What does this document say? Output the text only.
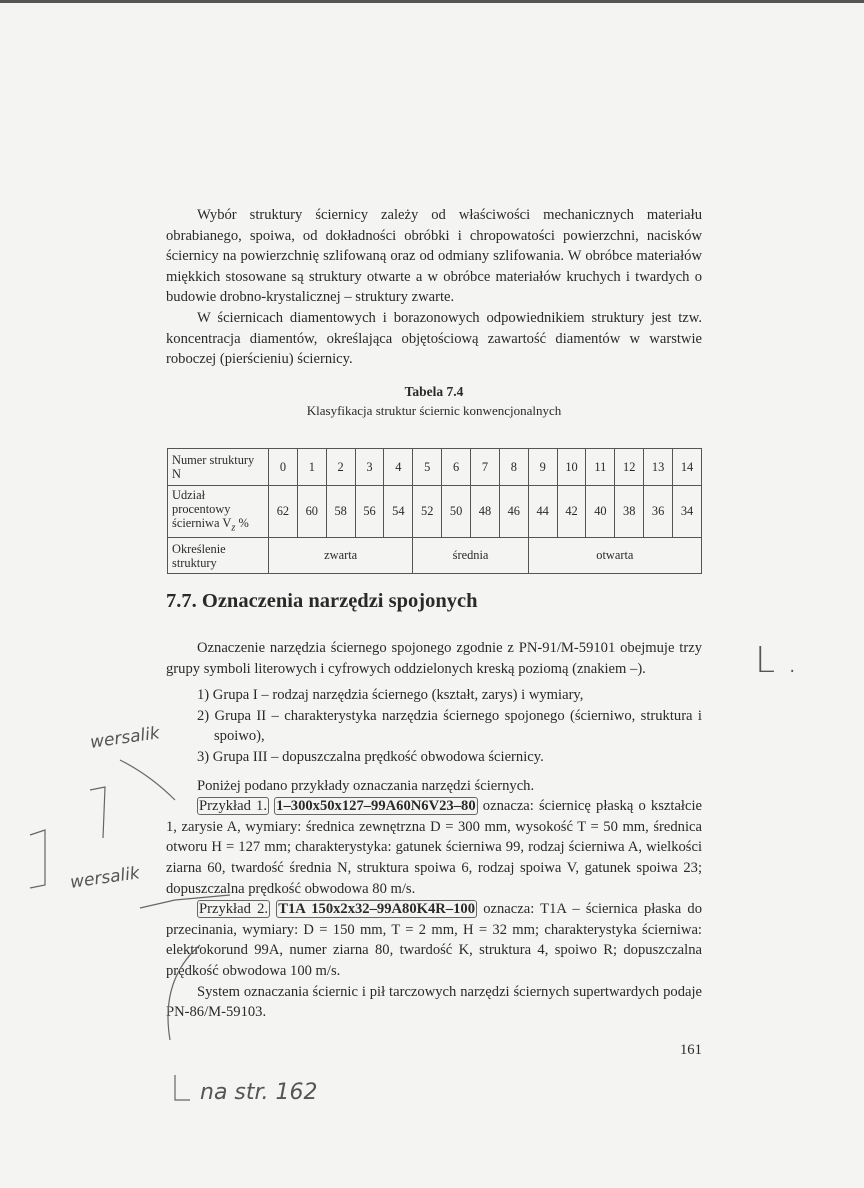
Wybór struktury ściernicy zależy od właściwości mechanicznych materiału obrabianego, spoiwa, od dokładności obróbki i chropowatości powierzchni, nacisków ściernicy na powierzchnię szlifowaną oraz od odmiany szlifowania. W obróbce materiałów miękkich stosowane są struktury otwarte a w obróbce materiałów kruchych i twardych o budowie drobno-krystalicznej – struktury zwarte.

W ściernicach diamentowych i borazonowych odpowiednikiem struktury jest tzw. koncentracja diamentów, określająca objętościową zawartość diamentów w warstwie roboczej (pierścieniu) ściernicy.

Tabela 7.4
Klasyfikacja struktur ściernic konwencjonalnych
Numer struktury N	0	1	2	3	4	5	6	7	8	9	10	11	12	13	14
Udział procentowy ścierniwa $V_z$ %	62	60	58	56	54	52	50	48	46	44	42	40	38	36	34
Określenie struktury	zwarta					średnia				otwarta					
7.7. Oznaczenia narzędzi spojonych

Oznaczenie narzędzia ściernego spojonego zgodnie z PN-91/M-59101 obejmuje trzy grupy symboli literowych i cyfrowych oddzielonych kreską poziomą (znakiem –).

1) Grupa I – rodzaj narzędzia ściernego (kształt, zarys) i wymiary,
2) Grupa II – charakterystyka narzędzia ściernego spojonego (ścierniwo, struktura i spoiwo),
3) Grupa III – dopuszczalna prędkość obwodowa ściernicy.

Poniżej podano przykłady oznaczania narzędzi ściernych.

Przykład 1. 1–300x50x127–99A60N6V23–80 oznacza: ściernicę płaską o kształcie 1, zarysie A, wymiary: średnica zewnętrzna D = 300 mm, wysokość T = 50 mm, średnica otworu H = 127 mm; charakterystyka: gatunek ścierniwa 99, rodzaj ścierniwa A, wielkości ziarna 60, twardość średnia N, struktura spoiwa 6, rodzaj spoiwa V, gatunek spoiwa 23; dopuszczalna prędkość obwodowa 80 m/s.

Przykład 2. T1A 150x2x32–99A80K4R–100 oznacza: T1A – ściernica płaska do przecinania, wymiary: D = 150 mm, T = 2 mm, H = 32 mm; charakterystyka ścierniwa: elektrokorund 99A, numer ziarna 80, twardość K, struktura 4, spoiwo R; dopuszczalna prędkość obwodowa 100 m/s.

System oznaczania ściernic i pił tarczowych narzędzi ściernych supertwardych podaje PN-86/M-59103.

161
wersalik
wersalik
na str. 162
L .
